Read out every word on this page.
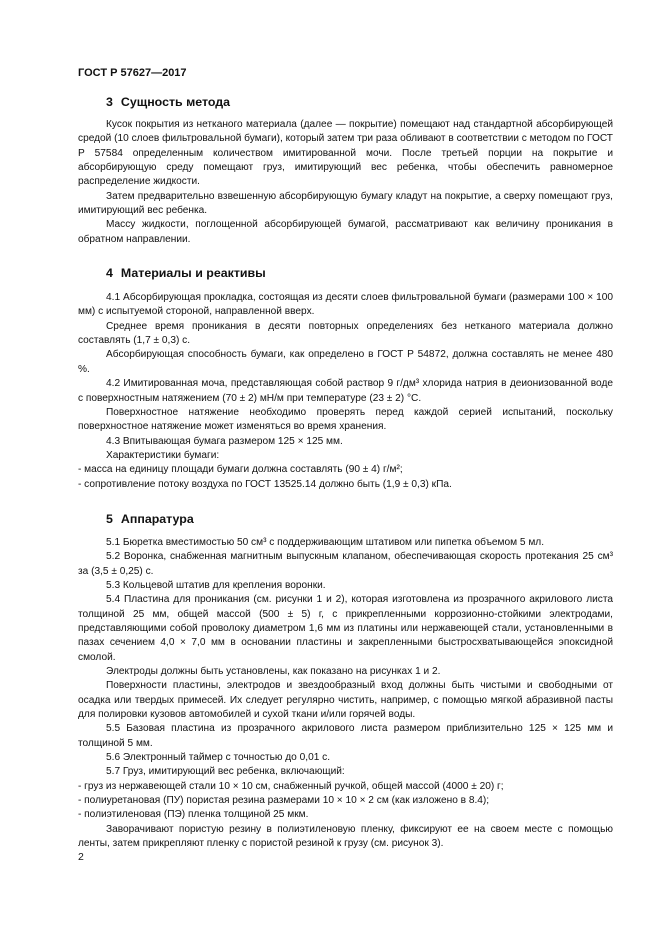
ГОСТ Р 57627—2017
3 Сущность метода

Кусок покрытия из нетканого материала (далее — покрытие) помещают над стандартной абсорбирующей средой (10 слоев фильтровальной бумаги), который затем три раза обливают в соответствии с методом по ГОСТ Р 57584 определенным количеством имитированной мочи. После третьей порции на покрытие и абсорбирующую среду помещают груз, имитирующий вес ребенка, чтобы обеспечить равномерное распределение жидкости.

Затем предварительно взвешенную абсорбирующую бумагу кладут на покрытие, а сверху помещают груз, имитирующий вес ребенка.

Массу жидкости, поглощенной абсорбирующей бумагой, рассматривают как величину проникания в обратном направлении.

4 Материалы и реактивы

4.1 Абсорбирующая прокладка, состоящая из десяти слоев фильтровальной бумаги (размерами 100 × 100 мм) с испытуемой стороной, направленной вверх.

Среднее время проникания в десяти повторных определениях без нетканого материала должно составлять (1,7 ± 0,3) с.

Абсорбирующая способность бумаги, как определено в ГОСТ Р 54872, должна составлять не менее 480 %.

4.2 Имитированная моча, представляющая собой раствор 9 г/дм³ хлорида натрия в деионизованной воде с поверхностным натяжением (70 ± 2) мН/м при температуре (23 ± 2) °С.

Поверхностное натяжение необходимо проверять перед каждой серией испытаний, поскольку поверхностное натяжение может изменяться во время хранения.

4.3 Впитывающая бумага размером 125 × 125 мм.

Характеристики бумаги:

- масса на единицу площади бумаги должна составлять (90 ± 4) г/м²;

- сопротивление потоку воздуха по ГОСТ 13525.14 должно быть (1,9 ± 0,3) кПа.

5 Аппаратура

5.1 Бюретка вместимостью 50 см³ с поддерживающим штативом или пипетка объемом 5 мл.

5.2 Воронка, снабженная магнитным выпускным клапаном, обеспечивающая скорость протекания 25 см³ за (3,5 ± 0,25) с.

5.3 Кольцевой штатив для крепления воронки.

5.4 Пластина для проникания (см. рисунки 1 и 2), которая изготовлена из прозрачного акрилового листа толщиной 25 мм, общей массой (500 ± 5) г, с прикрепленными коррозионно-стойкими электродами, представляющими собой проволоку диаметром 1,6 мм из платины или нержавеющей стали, установленными в пазах сечением 4,0 × 7,0 мм в основании пластины и закрепленными быстросхватывающейся эпоксидной смолой.

Электроды должны быть установлены, как показано на рисунках 1 и 2.

Поверхности пластины, электродов и звездообразный вход должны быть чистыми и свободными от осадка или твердых примесей. Их следует регулярно чистить, например, с помощью мягкой абразивной пасты для полировки кузовов автомобилей и сухой ткани и/или горячей воды.

5.5 Базовая пластина из прозрачного акрилового листа размером приблизительно 125 × 125 мм и толщиной 5 мм.

5.6 Электронный таймер с точностью до 0,01 с.

5.7 Груз, имитирующий вес ребенка, включающий:

- груз из нержавеющей стали 10 × 10 см, снабженный ручкой, общей массой (4000 ± 20) г;

- полиуретановая (ПУ) пористая резина размерами 10 × 10 × 2 см (как изложено в 8.4);

- полиэтиленовая (ПЭ) пленка толщиной 25 мкм.

Заворачивают пористую резину в полиэтиленовую пленку, фиксируют ее на своем месте с помощью ленты, затем прикрепляют пленку с пористой резиной к грузу (см. рисунок 3).

2
